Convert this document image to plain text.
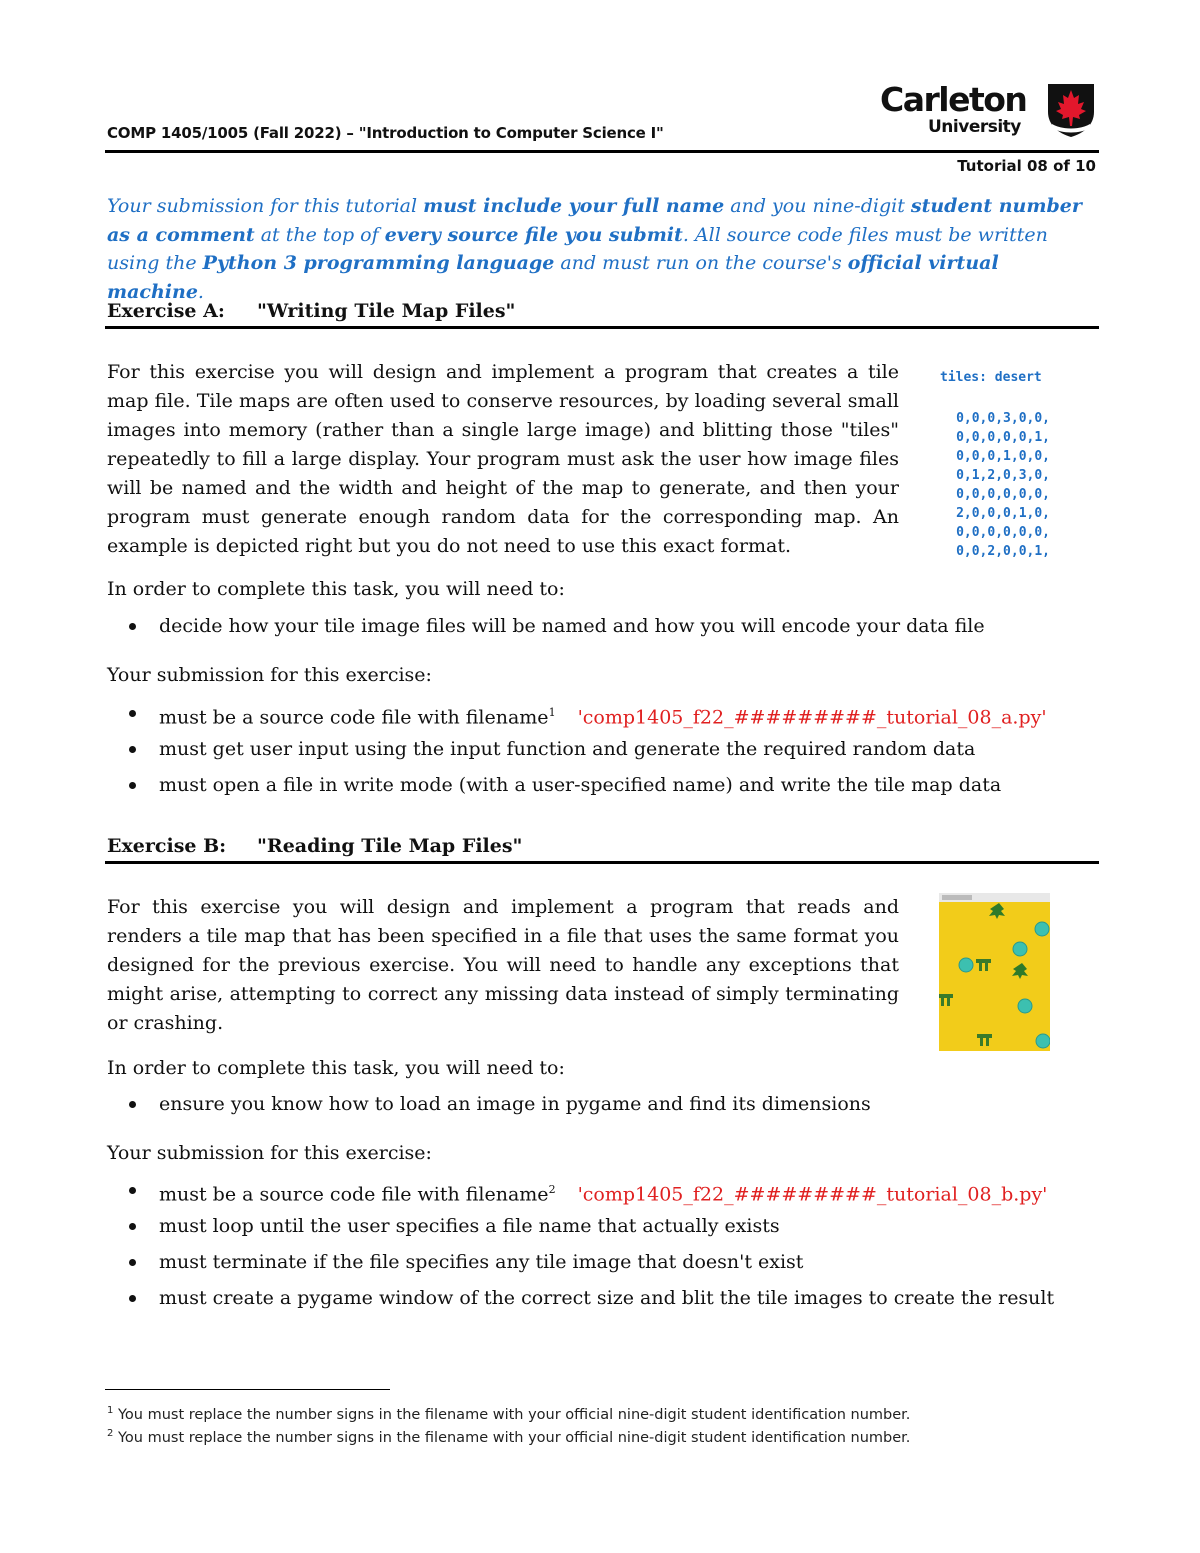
COMP 1405/1005 (Fall 2022) – "Introduction to Computer Science I"
Carleton
University
Tutorial 08 of 10
Your submission for this tutorial must include your full name and you nine-digit student number as a comment at the top of every source file you submit. All source code files must be written using the Python 3 programming language and must run on the course's official virtual machine.
Exercise A: "Writing Tile Map Files"
For this exercise you will design and implement a program that creates a tile map file. Tile maps are often used to conserve resources, by loading several small images into memory (rather than a single large image) and blitting those "tiles" repeatedly to fill a large display. Your program must ask the user how image files will be named and the width and height of the map to generate, and then your program must generate enough random data for the corresponding map. An example is depicted right but you do not need to use this exact format.
tiles: desert
0,0,0,3,0,0,
0,0,0,0,0,1,
0,0,0,1,0,0,
0,1,2,0,3,0,
0,0,0,0,0,0,
2,0,0,0,1,0,
0,0,0,0,0,0,
0,0,2,0,0,1,
In order to complete this task, you will need to:
decide how your tile image files will be named and how you will encode your data file
Your submission for this exercise:
must be a source code file with filename$^1$ 'comp1405_f22_#########_tutorial_08_a.py'
must get user input using the input function and generate the required random data
must open a file in write mode (with a user-specified name) and write the tile map data
Exercise B: "Reading Tile Map Files"
For this exercise you will design and implement a program that reads and renders a tile map that has been specified in a file that uses the same format you designed for the previous exercise. You will need to handle any exceptions that might arise, attempting to correct any missing data instead of simply terminating or crashing.
In order to complete this task, you will need to:
ensure you know how to load an image in pygame and find its dimensions
Your submission for this exercise:
must be a source code file with filename$^2$ 'comp1405_f22_#########_tutorial_08_b.py'
must loop until the user specifies a file name that actually exists
must terminate if the file specifies any tile image that doesn't exist
must create a pygame window of the correct size and blit the tile images to create the result
$^1$ You must replace the number signs in the filename with your official nine-digit student identification number.
$^2$ You must replace the number signs in the filename with your official nine-digit student identification number.
